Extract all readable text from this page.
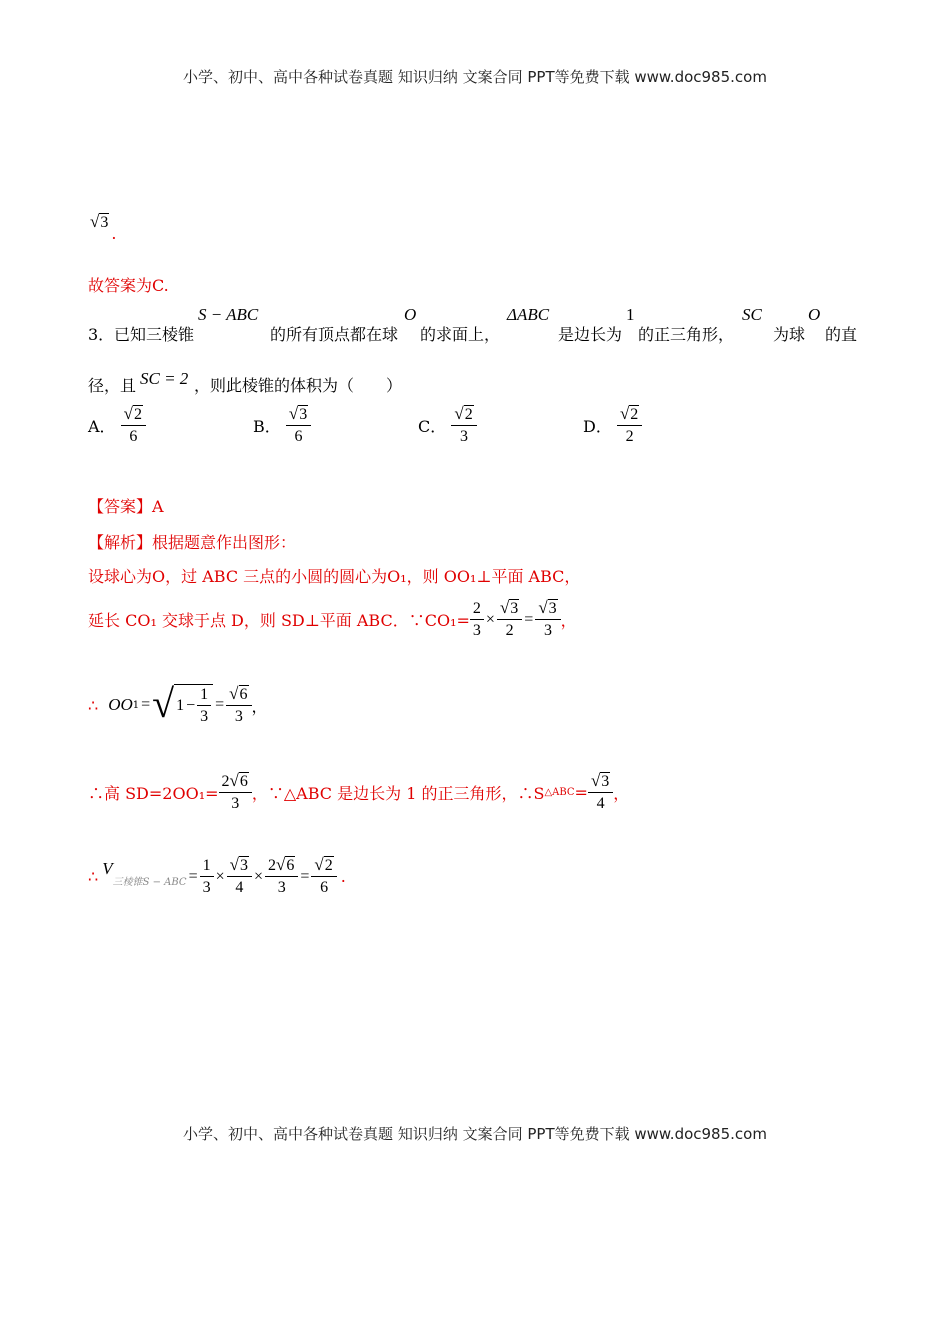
小学、初中、高中各种试卷真题 知识归纳 文案合同 PPT等免费下载 www.doc985.com
√ 3
.
故答案为C.
3． 已知三棱锥
S − ABC
的所有顶点都在球
O
的求面上，
ΔABC
是边长为
1
的正三角形，
SC
为球
O
的直
径，且 SC = 2 ，则此棱锥的体积为（　　）
A． $\frac{√ 2}{6}$	B． $\frac{√ 3}{6}$	C． $\frac{√ 2}{3}$	D． $\frac{√ 2}{2}$
【答案】A
【解析】根据题意作出图形：
设球心为O，过 ABC 三点的小圆的圆心为O₁，则 OO₁⊥平面 ABC，
延长 CO₁ 交球于点 D，则 SD⊥平面 ABC．∵CO₁= $\frac{2}{3} \times \frac{√ 3}{2} = \frac{√ 3}{3}$ ，
∴ OO 1 = √ $1 - \frac{1}{3} = \frac{√ 6}{3}$ ，
∴高 $SD=2OO_1= \frac{2 √ 6}{3}$ ，∵△ABC 是边长为 1 的正三角形，∴S △ABC = $\frac{√ 3}{4}$ ，
∴ V
三棱锥S − ABC = $\frac{1}{3} \times \frac{√ 3}{4} \times \frac{2 √ 6}{3} = \frac{√ 2}{6}$ .
小学、初中、高中各种试卷真题 知识归纳 文案合同 PPT等免费下载 www.doc985.com
